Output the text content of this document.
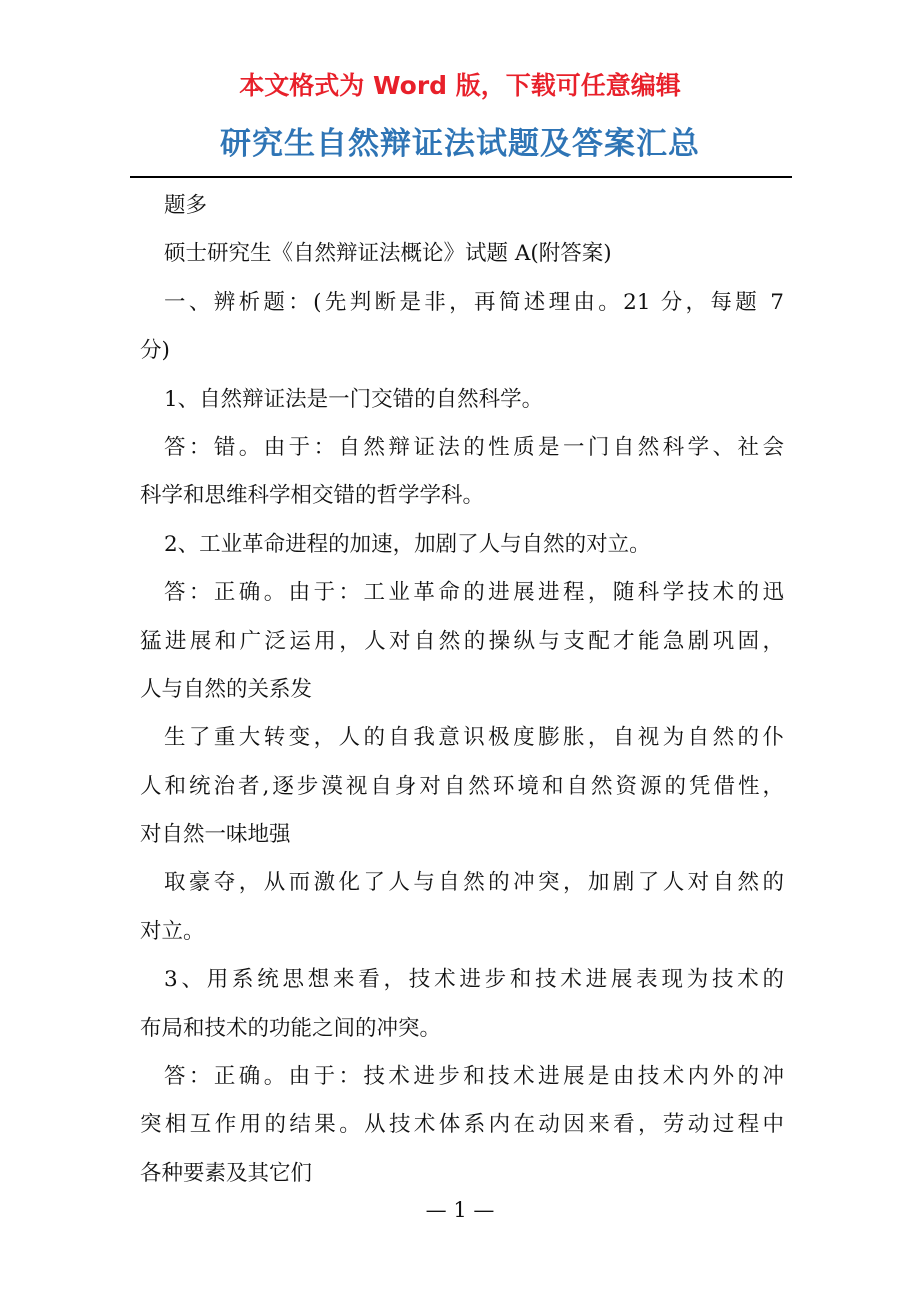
本文格式为 Word 版，下载可任意编辑
研究生自然辩证法试题及答案汇总
题多
硕士研究生《自然辩证法概论》试题 A(附答案)
一、辨析题：(先判断是非，再简述理由。21 分，每题 7
分)
1、自然辩证法是一门交错的自然科学。
答：错。由于：自然辩证法的性质是一门自然科学、社会
科学和思维科学相交错的哲学学科。
2、工业革命进程的加速，加剧了人与自然的对立。
答：正确。由于：工业革命的进展进程，随科学技术的迅
猛进展和广泛运用，人对自然的操纵与支配才能急剧巩固，
人与自然的关系发
生了重大转变，人的自我意识极度膨胀，自视为自然的仆
人和统治者,逐步漠视自身对自然环境和自然资源的凭借性，
对自然一味地强
取豪夺，从而激化了人与自然的冲突，加剧了人对自然的
对立。
3、用系统思想来看，技术进步和技术进展表现为技术的
布局和技术的功能之间的冲突。
答：正确。由于：技术进步和技术进展是由技术内外的冲
突相互作用的结果。从技术体系内在动因来看，劳动过程中
各种要素及其它们
— 1 —
